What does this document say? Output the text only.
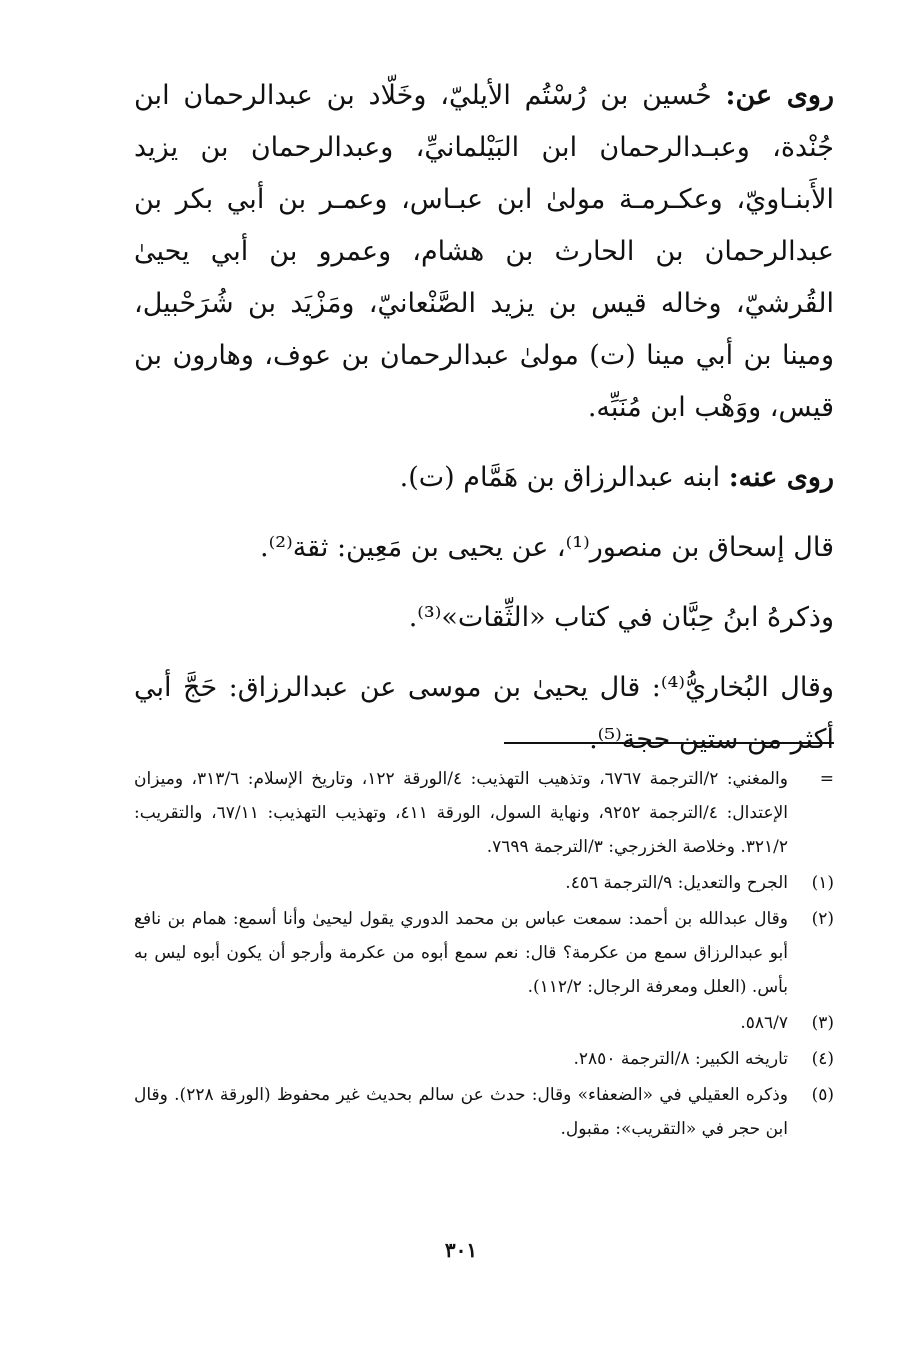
روى عن: حُسين بن رُسْتُم الأيليّ، وخَلّاد بن عبدالرحمان ابن جُنْدة، وعبـدالرحمان ابن البَيْلمانيِّ، وعبدالرحمان بن يزيد الأَبنـاويّ، وعكـرمـة مولىٰ ابن عبـاس، وعمـر بن أبي بكر بن عبدالرحمان بن الحارث بن هشام، وعمرو بن أبي يحيىٰ القُرشيّ، وخاله قيس بن يزيد الصَّنْعانيّ، ومَزْيَد بن شُرَحْبيل، ومينا بن أبي مينا (ت) مولىٰ عبدالرحمان بن عوف، وهارون بن قيس، ووَهْب ابن مُنَبِّه.

روى عنه: ابنه عبدالرزاق بن هَمَّام (ت).

قال إسحاق بن منصور⁽¹⁾، عن يحيى بن مَعِين: ثقة⁽²⁾.

وذكرهُ ابنُ حِبَّان في كتاب «الثِّقات»⁽³⁾.

وقال البُخاريُّ⁽⁴⁾: قال يحيىٰ بن موسى عن عبدالرزاق: حَجَّ أبي أكثر من ستين حجة⁽⁵⁾.

=
والمغني: ٢/الترجمة ٦٧٦٧، وتذهيب التهذيب: ٤/الورقة ١٢٢، وتاريخ الإسلام: ٣١٣/٦، وميزان الإعتدال: ٤/الترجمة ٩٢٥٢، ونهاية السول، الورقة ٤١١، وتهذيب التهذيب: ٦٧/١١، والتقريب: ٣٢١/٢. وخلاصة الخزرجي: ٣/الترجمة ٧٦٩٩.
(١)
الجرح والتعديل: ٩/الترجمة ٤٥٦.
(٢)
وقال عبدالله بن أحمد: سمعت عباس بن محمد الدوري يقول ليحيىٰ وأنا أسمع: همام بن نافع أبو عبدالرزاق سمع من عكرمة؟ قال: نعم سمع أبوه من عكرمة وأرجو أن يكون أبوه ليس به بأس. (العلل ومعرفة الرجال: ١١٢/٢).
(٣)
٥٨٦/٧.
(٤)
تاريخه الكبير: ٨/الترجمة ٢٨٥٠.
(٥)
وذكره العقيلي في «الضعفاء» وقال: حدث عن سالم بحديث غير محفوظ (الورقة ٢٢٨). وقال ابن حجر في «التقريب»: مقبول.
٣٠١
